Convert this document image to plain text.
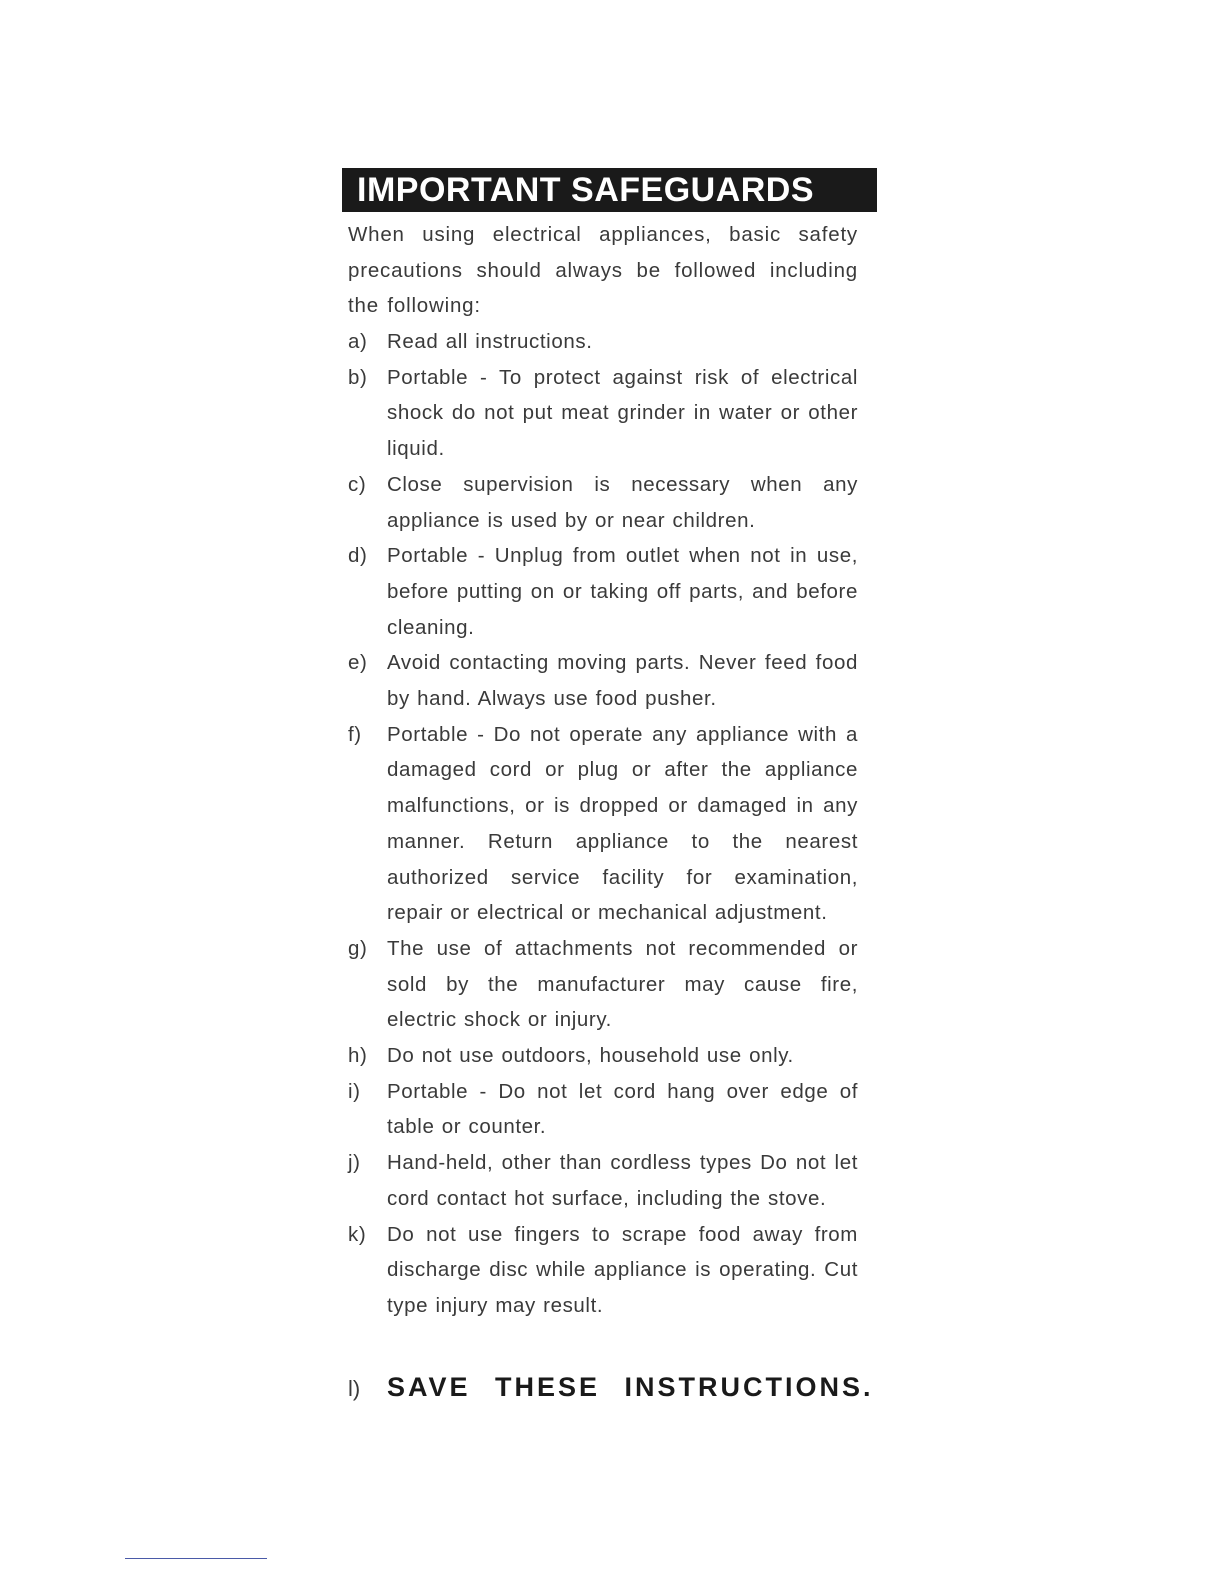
IMPORTANT SAFEGUARDS
When using electrical appliances, basic safety precautions should always be followed including the following:
a) Read all instructions.
b) Portable - To protect against risk of electrical shock do not put meat grinder in water or other liquid.
c)	Close supervision is necessary when any appliance is used by or near children.
d) Portable - Unplug from outlet when not in use, before putting on or taking off parts, and before cleaning.
e) Avoid contacting moving parts. Never feed food by hand. Always use food pusher.
f)	Portable - Do not operate any appliance with a damaged cord or plug or after the appliance malfunctions, or is dropped or damaged in any manner. Return appliance to the nearest authorized service facility for examination, repair or electrical or mechanical adjustment.
g) The use of attachments not recommended or sold by the manufacturer may cause fire, electric shock or injury.
h) Do not use outdoors, household use only.
i)	Portable - Do not let cord hang over edge of table or counter.
j)	Hand-held, other than cordless types Do not let cord contact hot surface, including the stove.
k)	Do not use fingers to scrape food away from discharge disc while appliance is operating. Cut type injury may result.
l) SAVE THESE INSTRUCTIONS.
